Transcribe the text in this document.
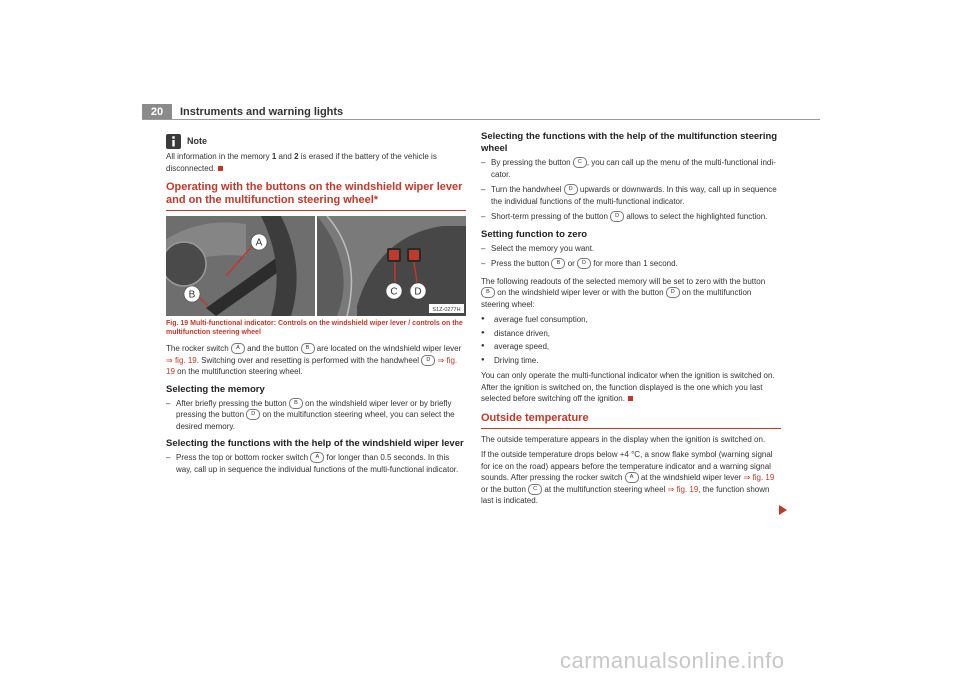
20	Instruments and warning lights
Note

All information in the memory 1 and 2 is erased if the battery of the vehicle is disconnected.

Operating with the buttons on the windshield wiper lever and on the multifunction steering wheel*
A
B	C D
S1Z-0277H
Fig. 19 Multi-functional indicator: Controls on the windshield wiper lever / controls on the multifunction steering wheel

The rocker switch A and the button B are located on the windshield wiper lever ⇒ fig. 19. Switching over and resetting is performed with the handwheel D ⇒ fig. 19 on the multifunction steering wheel.

Selecting the memory
– After briefly pressing the button B on the windshield wiper lever or by briefly pressing the button D on the multifunction steering wheel, you can select the desired memory.
Selecting the functions with the help of the windshield wiper lever
– Press the top or bottom rocker switch A for longer than 0.5 seconds. In this way, call up in sequence the individual functions of the multi-functional indicator.
Selecting the functions with the help of the multifunction steering wheel
– By pressing the button C , you can call up the menu of the multi-functional indi-cator.
– Turn the handwheel D upwards or downwards. In this way, call up in sequence the individual functions of the multi-functional indicator.
– Short-term pressing of the button D allows to select the highlighted function.
Setting function to zero
– Select the memory you want.
– Press the button B or D for more than 1 second.

The following readouts of the selected memory will be set to zero with the button B on the windshield wiper lever or with the button D on the multifunction steering wheel:

● average fuel consumption,
● distance driven,
● average speed,
● Driving time.

You can only operate the multi-functional indicator when the ignition is switched on. After the ignition is switched on, the function displayed is the one which you last selected before switching off the ignition.

Outside temperature

The outside temperature appears in the display when the ignition is switched on.

If the outside temperature drops below +4 °C, a snow flake symbol (warning signal for ice on the road) appears before the temperature indicator and a warning signal sounds. After pressing the rocker switch A at the windshield wiper lever ⇒ fig. 19 or the button C at the multifunction steering wheel ⇒ fig. 19, the function shown last is indicated.

carmanualsonline.info
